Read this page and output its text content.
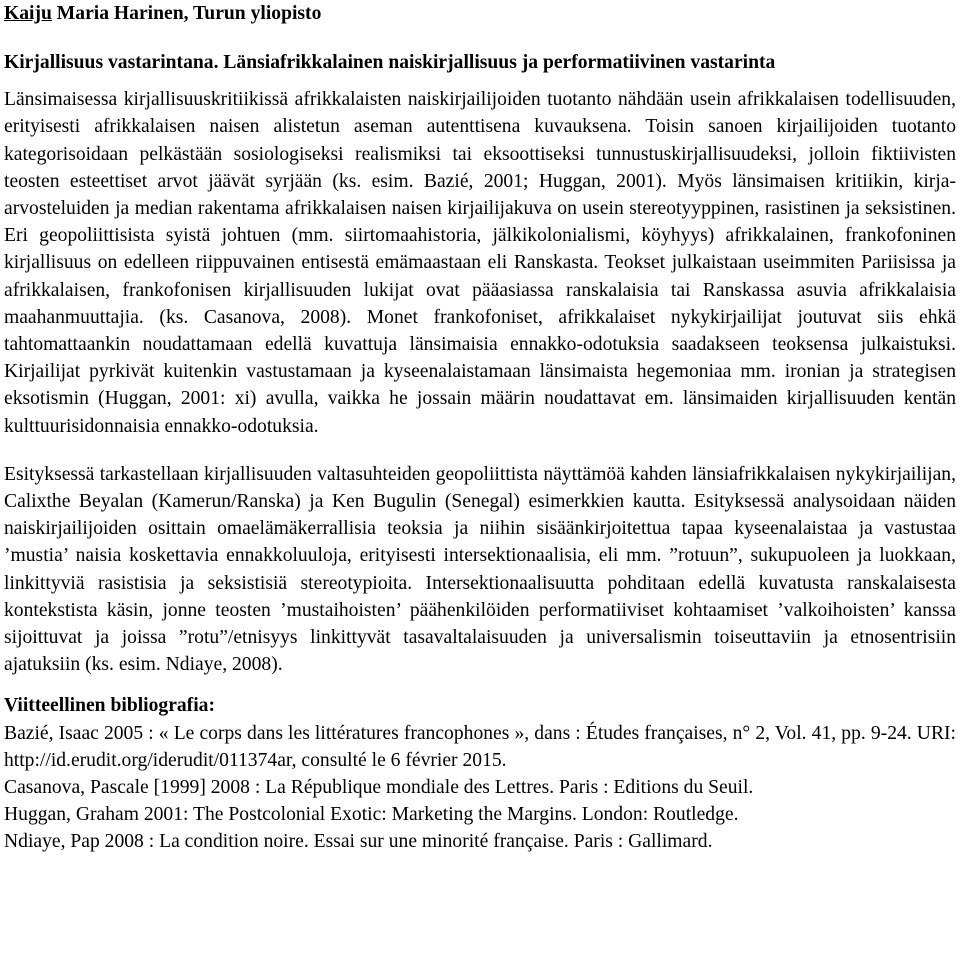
Kaiju Maria Harinen, Turun yliopisto

Kirjallisuus vastarintana. Länsiafrikkalainen naiskirjallisuus ja performatiivinen vastarinta

Länsimaisessa kirjallisuuskritiikissä afrikkalaisten naiskirjailijoiden tuotanto nähdään usein afrikkalaisen todellisuuden, erityisesti afrikkalaisen naisen alistetun aseman autenttisena kuvauksena. Toisin sanoen kirjailijoiden tuotanto kategorisoidaan pelkästään sosiologiseksi realismiksi tai eksoottiseksi tunnustuskirjallisuudeksi, jolloin fiktiivisten teosten esteettiset arvot jäävät syrjään (ks. esim. Bazié, 2001; Huggan, 2001). Myös länsimaisen kritiikin, kirja-arvosteluiden ja median rakentama afrikkalaisen naisen kirjailijakuva on usein stereotyyppinen, rasistinen ja seksistinen. Eri geopoliittisista syistä johtuen (mm. siirtomaahistoria, jälkikolonialismi, köyhyys) afrikkalainen, frankofoninen kirjallisuus on edelleen riippuvainen entisestä emämaastaan eli Ranskasta. Teokset julkaistaan useimmiten Pariisissa ja afrikkalaisen, frankofonisen kirjallisuuden lukijat ovat pääasiassa ranskalaisia tai Ranskassa asuvia afrikkalaisia maahanmuuttajia. (ks. Casanova, 2008). Monet frankofoniset, afrikkalaiset nykykirjailijat joutuvat siis ehkä tahtomattaankin noudattamaan edellä kuvattuja länsimaisia ennakko-odotuksia saadakseen teoksensa julkaistuksi. Kirjailijat pyrkivät kuitenkin vastustamaan ja kyseenalaistamaan länsimaista hegemoniaa mm. ironian ja strategisen eksotismin (Huggan, 2001: xi) avulla, vaikka he jossain määrin noudattavat em. länsimaiden kirjallisuuden kentän kulttuurisidonnaisia ennakko-odotuksia.

Esityksessä tarkastellaan kirjallisuuden valtasuhteiden geopoliittista näyttämöä kahden länsiafrikkalaisen nykykirjailijan, Calixthe Beyalan (Kamerun/Ranska) ja Ken Bugulin (Senegal) esimerkkien kautta. Esityksessä analysoidaan näiden naiskirjailijoiden osittain omaelämäkerrallisia teoksia ja niihin sisäänkirjoitettua tapaa kyseenalaistaa ja vastustaa ’mustia’ naisia koskettavia ennakkoluuloja, erityisesti intersektionaalisia, eli mm. ”rotuun”, sukupuoleen ja luokkaan, linkittyviä rasistisia ja seksistisiä stereotypioita. Intersektionaalisuutta pohditaan edellä kuvatusta ranskalaisesta kontekstista käsin, jonne teosten ’mustaihoisten’ päähenkilöiden performatiiviset kohtaamiset ’valkoihoisten’ kanssa sijoittuvat ja joissa ”rotu”/etnisyys linkittyvät tasavaltalaisuuden ja universalismin toiseuttaviin ja etnosentrisiin ajatuksiin (ks. esim. Ndiaye, 2008).

Viitteellinen bibliografia:

Bazié, Isaac 2005 : « Le corps dans les littératures francophones », dans : Études françaises, n° 2, Vol. 41, pp. 9-24. URI: http://id.erudit.org/iderudit/011374ar, consulté le 6 février 2015.

Casanova, Pascale [1999] 2008 : La République mondiale des Lettres. Paris : Editions du Seuil.

Huggan, Graham 2001: The Postcolonial Exotic: Marketing the Margins. London: Routledge.

Ndiaye, Pap 2008 : La condition noire. Essai sur une minorité française. Paris : Gallimard.
